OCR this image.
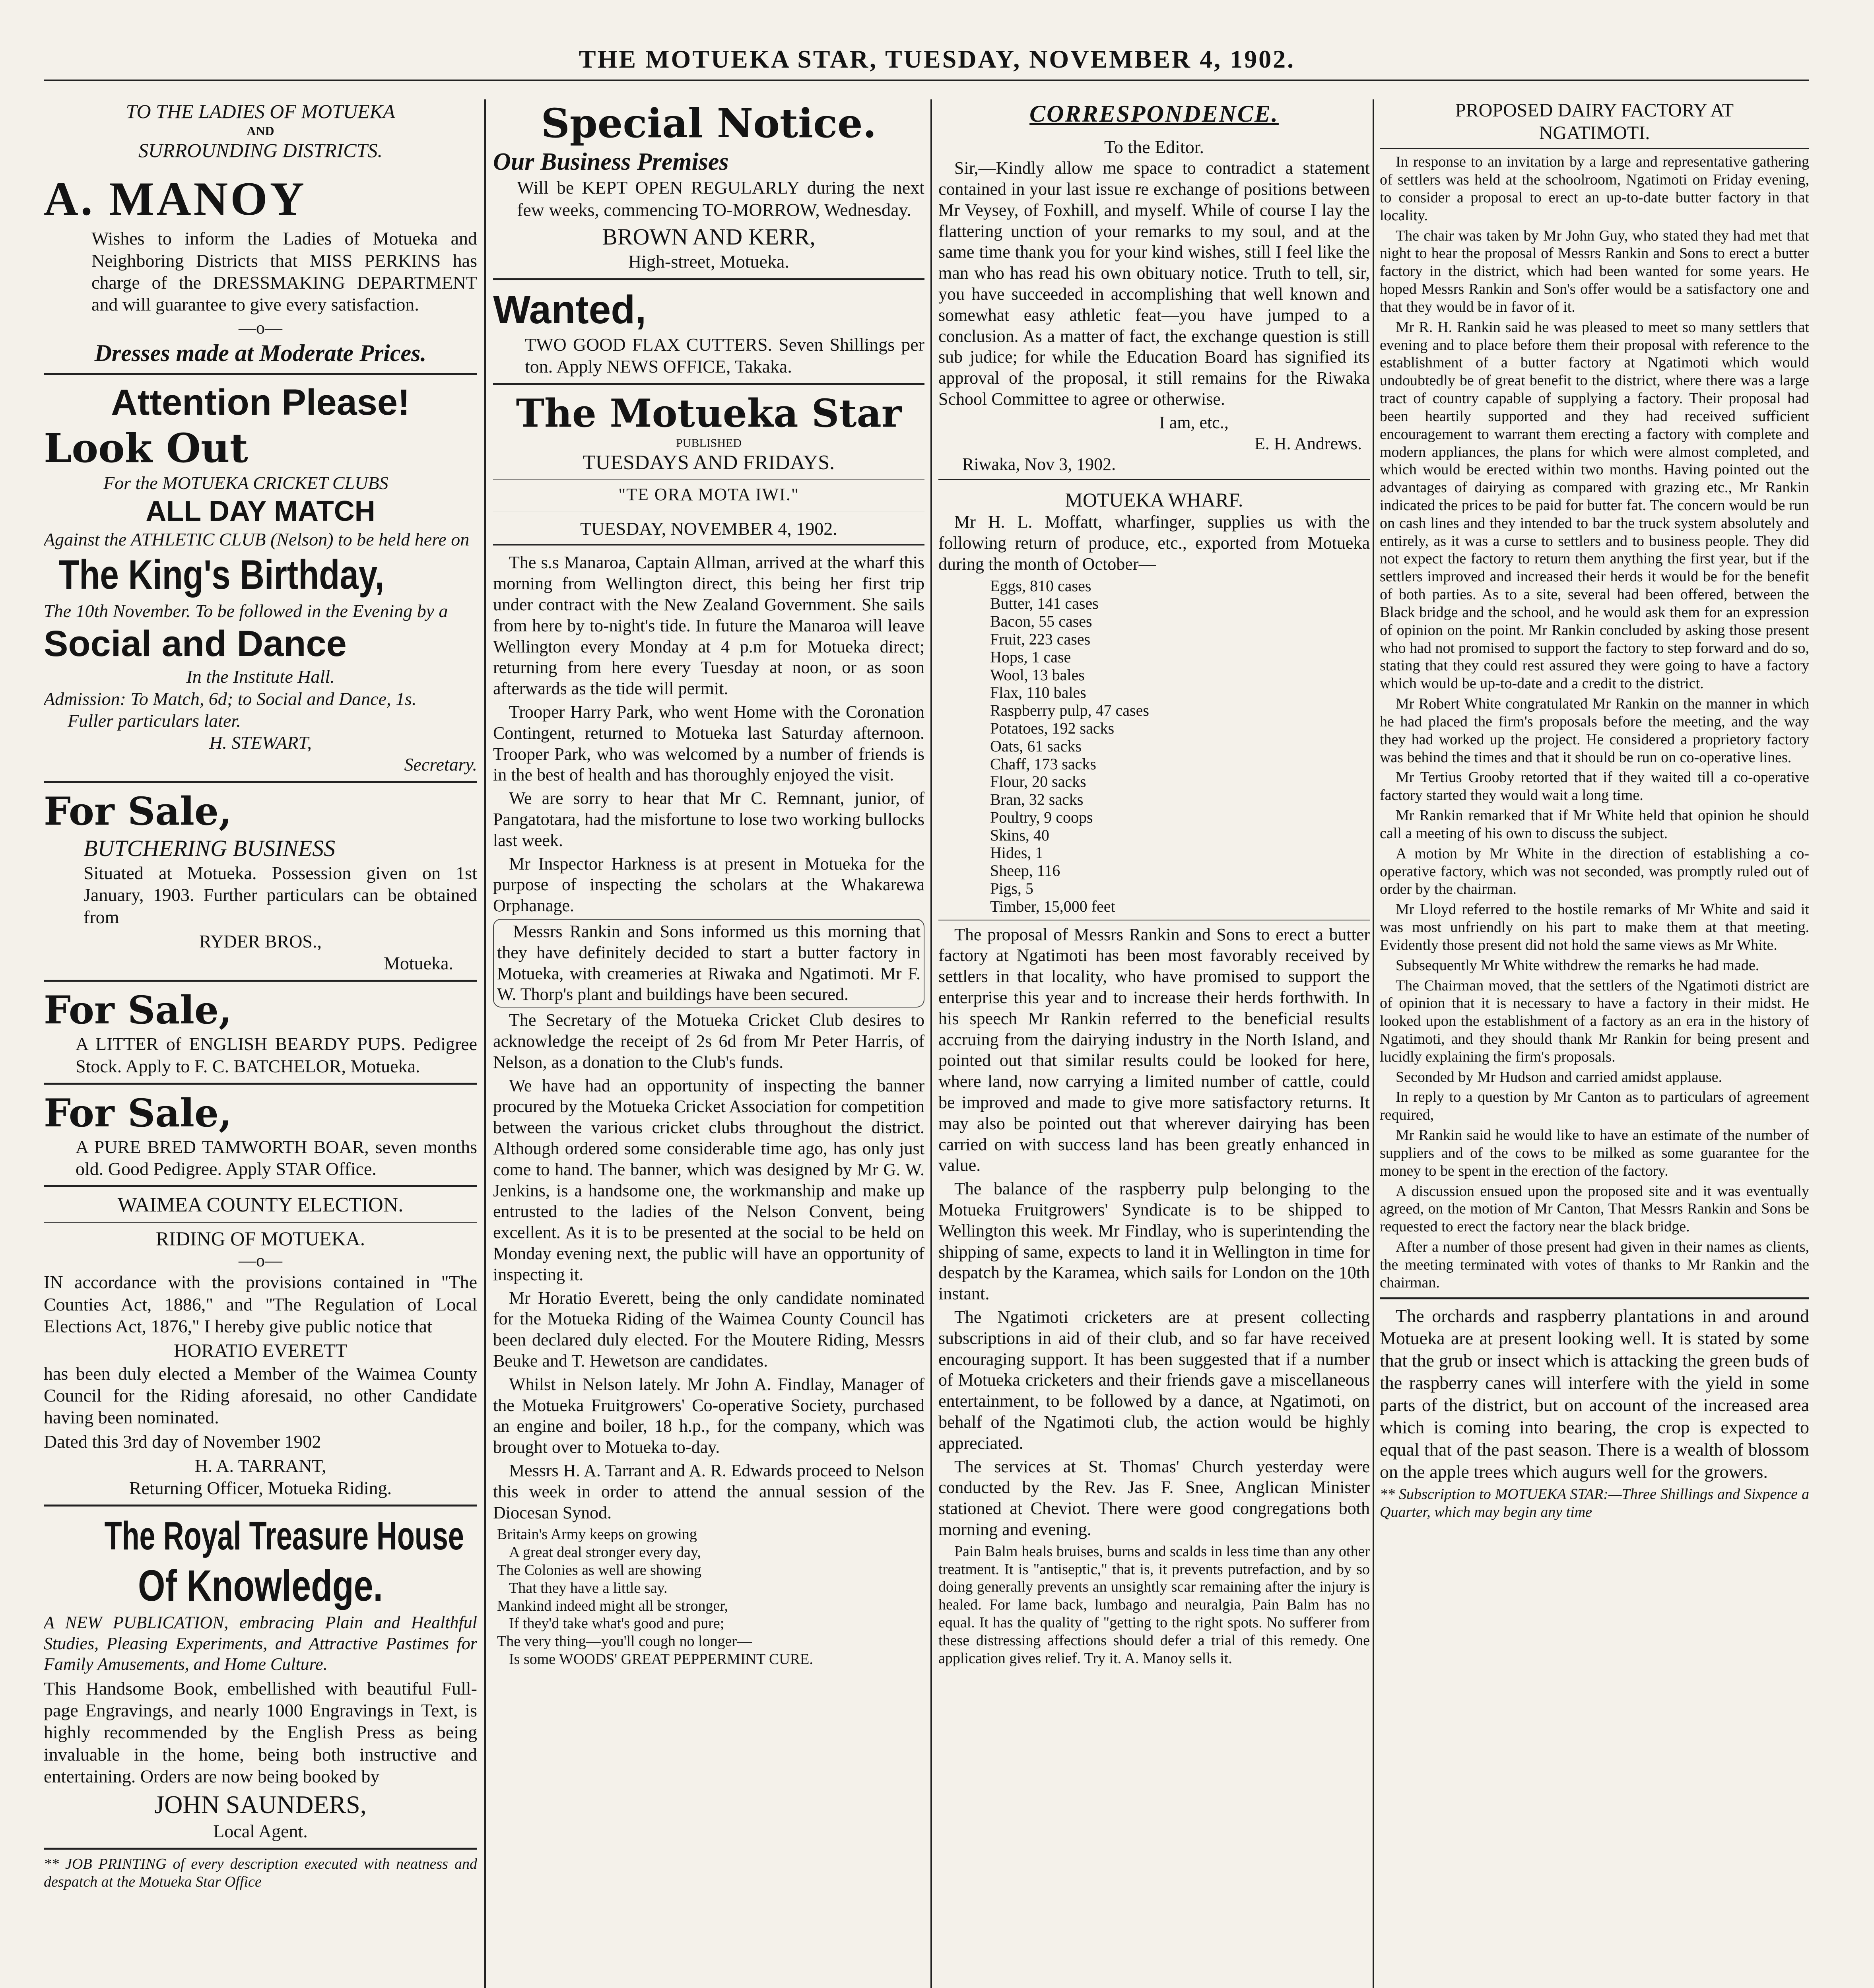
THE MOTUEKA STAR, TUESDAY, NOVEMBER 4, 1902.
TO THE LADIES OF MOTUEKA
AND
SURROUNDING DISTRICTS.
A. MANOY

Wishes to inform the Ladies of Motueka and Neighboring Districts that MISS PERKINS has charge of the DRESSMAKING DEPARTMENT and will guarantee to give every satisfaction.

—o—
Dresses made at Moderate Prices.
Attention Please!
Look Out
For the MOTUEKA CRICKET CLUBS
ALL DAY MATCH
Against the ATHLETIC CLUB (Nelson) to be held here on
The King's Birthday,
The 10th November. To be followed in the Evening by a
Social and Dance
In the Institute Hall.
Admission: To Match, 6d; to Social and Dance, 1s.
Fuller particulars later.
H. STEWART,
Secretary.
For Sale,
BUTCHERING BUSINESS

Situated at Motueka. Possession given on 1st January, 1903. Further particulars can be obtained from

RYDER BROS.,
Motueka.
For Sale,

A LITTER of ENGLISH BEARDY PUPS. Pedigree Stock. Apply to F. C. BATCHELOR, Motueka.

For Sale,

A PURE BRED TAMWORTH BOAR, seven months old. Good Pedigree. Apply STAR Office.

WAIMEA COUNTY ELECTION.
RIDING OF MOTUEKA.
—o—

IN accordance with the provisions contained in "The Counties Act, 1886," and "The Regulation of Local Elections Act, 1876," I hereby give public notice that

HORATIO EVERETT

has been duly elected a Member of the Waimea County Council for the Riding aforesaid, no other Candidate having been nominated.

Dated this 3rd day of November 1902

H. A. TARRANT,
Returning Officer, Motueka Riding.
The Royal Treasure House
Of Knowledge.

A NEW PUBLICATION, embracing Plain and Healthful Studies, Pleasing Experiments, and Attractive Pastimes for Family Amusements, and Home Culture.

This Handsome Book, embellished with beautiful Full-page Engravings, and nearly 1000 Engravings in Text, is highly recommended by the English Press as being invaluable in the home, being both instructive and entertaining. Orders are now being booked by

JOHN SAUNDERS,
Local Agent.

** JOB PRINTING of every description executed with neatness and despatch at the Motueka Star Office

Special Notice.
Our Business Premises

Will be KEPT OPEN REGULARLY during the next few weeks, commencing TO-MORROW, Wednesday.

BROWN AND KERR,
High-street, Motueka.
Wanted,

TWO GOOD FLAX CUTTERS. Seven Shillings per ton. Apply NEWS OFFICE, Takaka.

The Motueka Star
PUBLISHED
TUESDAYS AND FRIDAYS.
"TE ORA MOTA IWI."
TUESDAY, NOVEMBER 4, 1902.

The s.s Manaroa, Captain Allman, arrived at the wharf this morning from Wellington direct, this being her first trip under contract with the New Zealand Government. She sails from here by to-night's tide. In future the Manaroa will leave Wellington every Monday at 4 p.m for Motueka direct; returning from here every Tuesday at noon, or as soon afterwards as the tide will permit.

Trooper Harry Park, who went Home with the Coronation Contingent, returned to Motueka last Saturday afternoon. Trooper Park, who was welcomed by a number of friends is in the best of health and has thoroughly enjoyed the visit.

We are sorry to hear that Mr C. Remnant, junior, of Pangatotara, had the misfortune to lose two working bullocks last week.

Mr Inspector Harkness is at present in Motueka for the purpose of inspecting the scholars at the Whakarewa Orphanage.

Messrs Rankin and Sons informed us this morning that they have definitely decided to start a butter factory in Motueka, with creameries at Riwaka and Ngatimoti. Mr F. W. Thorp's plant and buildings have been secured.

The Secretary of the Motueka Cricket Club desires to acknowledge the receipt of 2s 6d from Mr Peter Harris, of Nelson, as a donation to the Club's funds.

We have had an opportunity of inspecting the banner procured by the Motueka Cricket Association for competition between the various cricket clubs throughout the district. Although ordered some considerable time ago, has only just come to hand. The banner, which was designed by Mr G. W. Jenkins, is a handsome one, the workmanship and make up entrusted to the ladies of the Nelson Convent, being excellent. As it is to be presented at the social to be held on Monday evening next, the public will have an opportunity of inspecting it.

Mr Horatio Everett, being the only candidate nominated for the Motueka Riding of the Waimea County Council has been declared duly elected. For the Moutere Riding, Messrs Beuke and T. Hewetson are candidates.

Whilst in Nelson lately. Mr John A. Findlay, Manager of the Motueka Fruitgrowers' Co-operative Society, purchased an engine and boiler, 18 h.p., for the company, which was brought over to Motueka to-day.

Messrs H. A. Tarrant and A. R. Edwards proceed to Nelson this week in order to attend the annual session of the Diocesan Synod.

Britain's Army keeps on growing
A great deal stronger every day,
The Colonies as well are showing
That they have a little say.
Mankind indeed might all be stronger,
If they'd take what's good and pure;
The very thing—you'll cough no longer—
Is some WOODS' GREAT PEPPERMINT CURE.
CORRESPONDENCE.
To the Editor.

Sir,—Kindly allow me space to contradict a statement contained in your last issue re exchange of positions between Mr Veysey, of Foxhill, and myself. While of course I lay the flattering unction of your remarks to my soul, and at the same time thank you for your kind wishes, still I feel like the man who has read his own obituary notice. Truth to tell, sir, you have succeeded in accomplishing that well known and somewhat easy athletic feat—you have jumped to a conclusion. As a matter of fact, the exchange question is still sub judice; for while the Education Board has signified its approval of the proposal, it still remains for the Riwaka School Committee to agree or otherwise.

I am, etc.,
E. H. Andrews.
Riwaka, Nov 3, 1902.
MOTUEKA WHARF.

Mr H. L. Moffatt, wharfinger, supplies us with the following return of produce, etc., exported from Motueka during the month of October—

Eggs, 810 cases
Butter, 141 cases
Bacon, 55 cases
Fruit, 223 cases
Hops, 1 case
Wool, 13 bales
Flax, 110 bales
Raspberry pulp, 47 cases
Potatoes, 192 sacks
Oats, 61 sacks
Chaff, 173 sacks
Flour, 20 sacks
Bran, 32 sacks
Poultry, 9 coops
Skins, 40
Hides, 1
Sheep, 116
Pigs, 5
Timber, 15,000 feet

The proposal of Messrs Rankin and Sons to erect a butter factory at Ngatimoti has been most favorably received by settlers in that locality, who have promised to support the enterprise this year and to increase their herds forthwith. In his speech Mr Rankin referred to the beneficial results accruing from the dairying industry in the North Island, and pointed out that similar results could be looked for here, where land, now carrying a limited number of cattle, could be improved and made to give more satisfactory returns. It may also be pointed out that wherever dairying has been carried on with success land has been greatly enhanced in value.

The balance of the raspberry pulp belonging to the Motueka Fruitgrowers' Syndicate is to be shipped to Wellington this week. Mr Findlay, who is superintending the shipping of same, expects to land it in Wellington in time for despatch by the Karamea, which sails for London on the 10th instant.

The Ngatimoti cricketers are at present collecting subscriptions in aid of their club, and so far have received encouraging support. It has been suggested that if a number of Motueka cricketers and their friends gave a miscellaneous entertainment, to be followed by a dance, at Ngatimoti, on behalf of the Ngatimoti club, the action would be highly appreciated.

The services at St. Thomas' Church yesterday were conducted by the Rev. Jas F. Snee, Anglican Minister stationed at Cheviot. There were good congregations both morning and evening.

Pain Balm heals bruises, burns and scalds in less time than any other treatment. It is "antiseptic," that is, it prevents putrefaction, and by so doing generally prevents an unsightly scar remaining after the injury is healed. For lame back, lumbago and neuralgia, Pain Balm has no equal. It has the quality of "getting to the right spots. No sufferer from these distressing affections should defer a trial of this remedy. One application gives relief. Try it. A. Manoy sells it.

PROPOSED DAIRY FACTORY AT
NGATIMOTI.

In response to an invitation by a large and representative gathering of settlers was held at the schoolroom, Ngatimoti on Friday evening, to consider a proposal to erect an up-to-date butter factory in that locality.

The chair was taken by Mr John Guy, who stated they had met that night to hear the proposal of Messrs Rankin and Sons to erect a butter factory in the district, which had been wanted for some years. He hoped Messrs Rankin and Son's offer would be a satisfactory one and that they would be in favor of it.

Mr R. H. Rankin said he was pleased to meet so many settlers that evening and to place before them their proposal with reference to the establishment of a butter factory at Ngatimoti which would undoubtedly be of great benefit to the district, where there was a large tract of country capable of supplying a factory. Their proposal had been heartily supported and they had received sufficient encouragement to warrant them erecting a factory with complete and modern appliances, the plans for which were almost completed, and which would be erected within two months. Having pointed out the advantages of dairying as compared with grazing etc., Mr Rankin indicated the prices to be paid for butter fat. The concern would be run on cash lines and they intended to bar the truck system absolutely and entirely, as it was a curse to settlers and to business people. They did not expect the factory to return them anything the first year, but if the settlers improved and increased their herds it would be for the benefit of both parties. As to a site, several had been offered, between the Black bridge and the school, and he would ask them for an expression of opinion on the point. Mr Rankin concluded by asking those present who had not promised to support the factory to step forward and do so, stating that they could rest assured they were going to have a factory which would be up-to-date and a credit to the district.

Mr Robert White congratulated Mr Rankin on the manner in which he had placed the firm's proposals before the meeting, and the way they had worked up the project. He considered a proprietory factory was behind the times and that it should be run on co-operative lines.

Mr Tertius Grooby retorted that if they waited till a co-operative factory started they would wait a long time.

Mr Rankin remarked that if Mr White held that opinion he should call a meeting of his own to discuss the subject.

A motion by Mr White in the direction of establishing a co-operative factory, which was not seconded, was promptly ruled out of order by the chairman.

Mr Lloyd referred to the hostile remarks of Mr White and said it was most unfriendly on his part to make them at that meeting. Evidently those present did not hold the same views as Mr White.

Subsequently Mr White withdrew the remarks he had made.

The Chairman moved, that the settlers of the Ngatimoti district are of opinion that it is necessary to have a factory in their midst. He looked upon the establishment of a factory as an era in the history of Ngatimoti, and they should thank Mr Rankin for being present and lucidly explaining the firm's proposals.

Seconded by Mr Hudson and carried amidst applause.

In reply to a question by Mr Canton as to particulars of agreement required,

Mr Rankin said he would like to have an estimate of the number of suppliers and of the cows to be milked as some guarantee for the money to be spent in the erection of the factory.

A discussion ensued upon the proposed site and it was eventually agreed, on the motion of Mr Canton, That Messrs Rankin and Sons be requested to erect the factory near the black bridge.

After a number of those present had given in their names as clients, the meeting terminated with votes of thanks to Mr Rankin and the chairman.

The orchards and raspberry plantations in and around Motueka are at present looking well. It is stated by some that the grub or insect which is attacking the green buds of the raspberry canes will interfere with the yield in some parts of the district, but on account of the increased area which is coming into bearing, the crop is expected to equal that of the past season. There is a wealth of blossom on the apple trees which augurs well for the growers.

** Subscription to MOTUEKA STAR:—Three Shillings and Sixpence a Quarter, which may begin any time
